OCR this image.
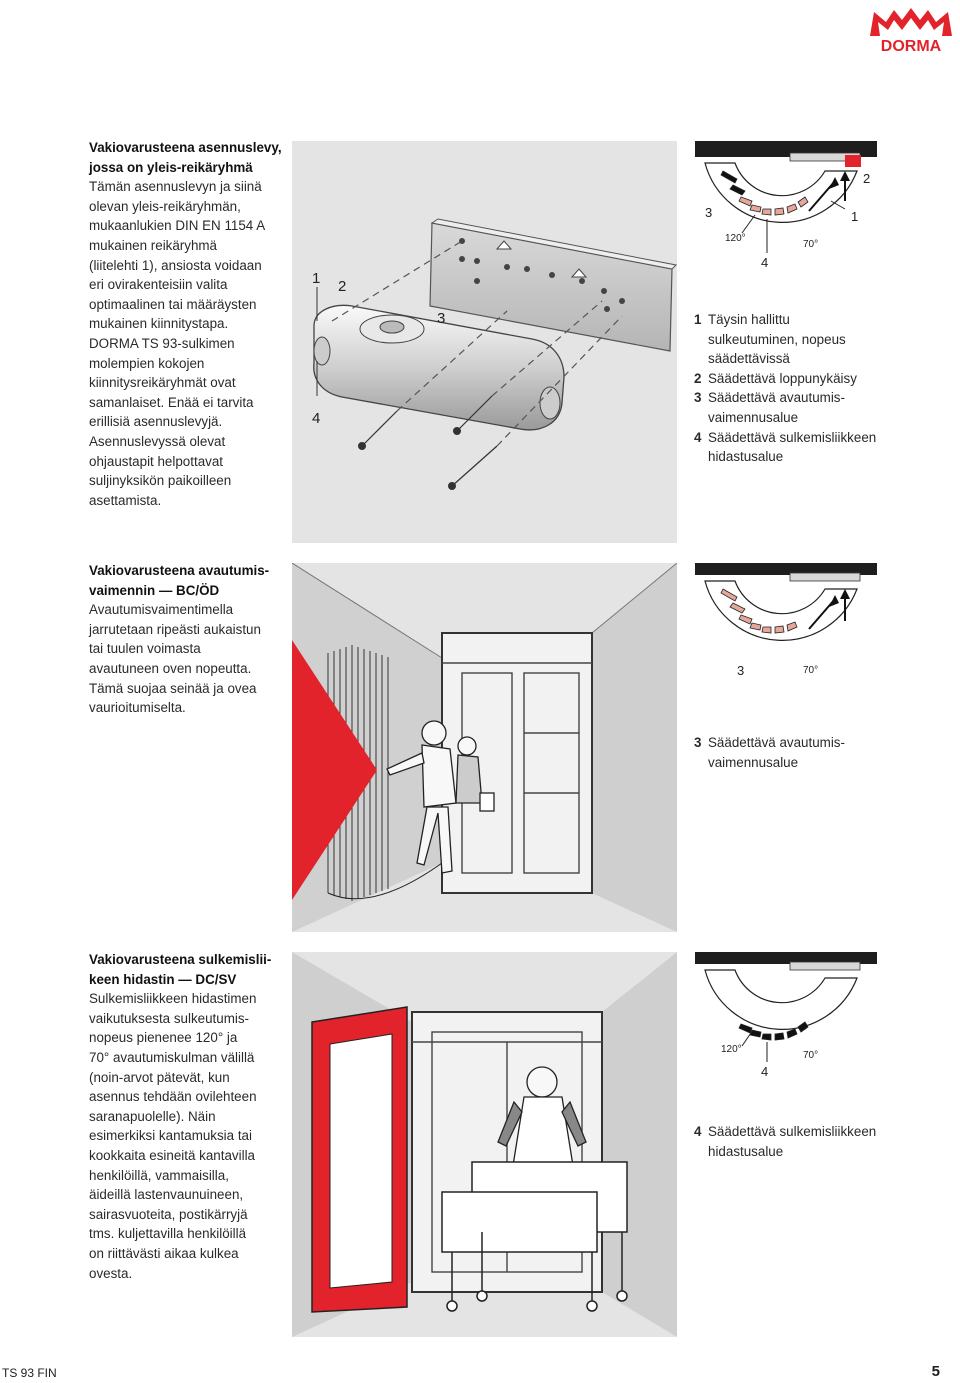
DORMA
Vakiovarusteena asennuslevy,
jossa on yleis-reikäryhmä
Tämän asennuslevyn ja siinä
olevan yleis-reikäryhmän,
mukaanlukien DIN EN 1154 A
mukainen reikäryhmä
(liitelehti 1), ansiosta voidaan
eri ovirakenteisiin valita
optimaalinen tai määräysten
mukainen kiinnitystapa.
DORMA TS 93-sulkimen
molempien kokojen
kiinnitysreikäryhmät ovat
samanlaiset. Enää ei tarvita
erillisiä asennuslevyjä.
Asennuslevyssä olevat
ohjaustapit helpottavat
suljinyksikön paikoilleen
asettamista.
1 2
3
4
3
120°
4
70°
1
2
1 Täysin hallittu
sulkeutuminen, nopeus
säädettävissä
2 Säädettävä loppunykäisy
3 Säädettävä avautumis-
vaimennusalue
4 Säädettävä sulkemisliikkeen
hidastusalue
Vakiovarusteena avautumis-
vaimennin — BC/ÖD
Avautumisvaimentimella
jarrutetaan ripeästi aukaistun
tai tuulen voimasta
avautuneen oven nopeutta.
Tämä suojaa seinää ja ovea
vaurioitumiselta.
3	70°
3 Säädettävä avautumis-
vaimennusalue
Vakiovarusteena sulkemislii-
keen hidastin — DC/SV
Sulkemisliikkeen hidastimen
vaikutuksesta sulkeutumis-
nopeus pienenee 120° ja
70° avautumiskulman välillä
(noin-arvot pätevät, kun
asennus tehdään ovilehteen
saranapuolelle). Näin
esimerkiksi kantamuksia tai
kookkaita esineitä kantavilla
henkilöillä, vammaisilla,
äideillä lastenvaunuineen,
sairasvuoteita, postikärryjä
tms. kuljettavilla henkilöillä
on riittävästi aikaa kulkea
ovesta.
120°
4
70°
4 Säädettävä sulkemisliikkeen
hidastusalue
TS 93 FIN	5
